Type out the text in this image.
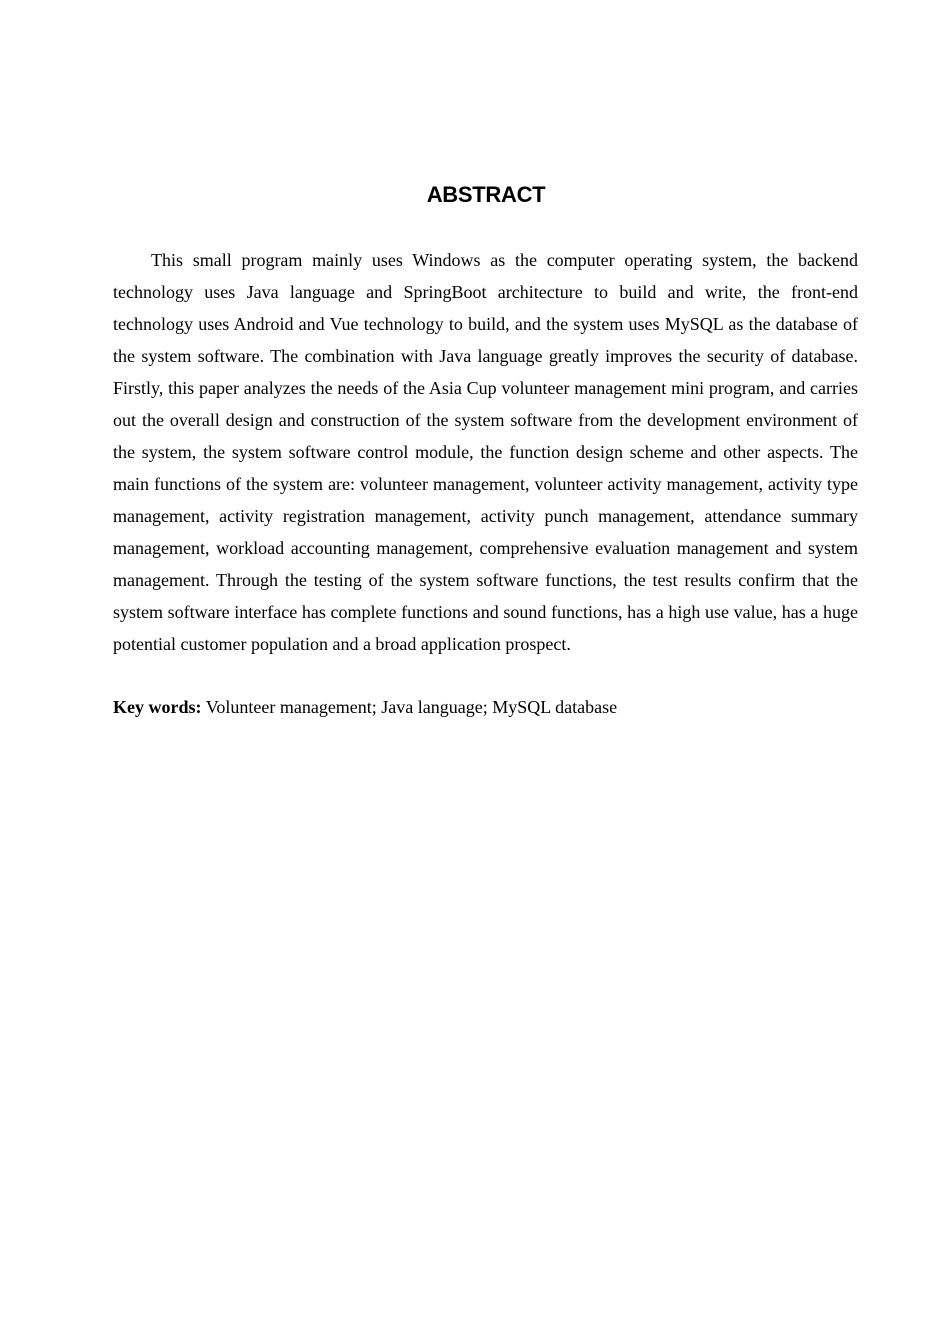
ABSTRACT

This small program mainly uses Windows as the computer operating system, the backend technology uses Java language and SpringBoot architecture to build and write, the front-end technology uses Android and Vue technology to build, and the system uses MySQL as the database of the system software. The combination with Java language greatly improves the security of database. Firstly, this paper analyzes the needs of the Asia Cup volunteer management mini program, and carries out the overall design and construction of the system software from the development environment of the system, the system software control module, the function design scheme and other aspects. The main functions of the system are: volunteer management, volunteer activity management, activity type management, activity registration management, activity punch management, attendance summary management, workload accounting management, comprehensive evaluation management and system management. Through the testing of the system software functions, the test results confirm that the system software interface has complete functions and sound functions, has a high use value, has a huge potential customer population and a broad application prospect.

Key words: Volunteer management; Java language; MySQL database
